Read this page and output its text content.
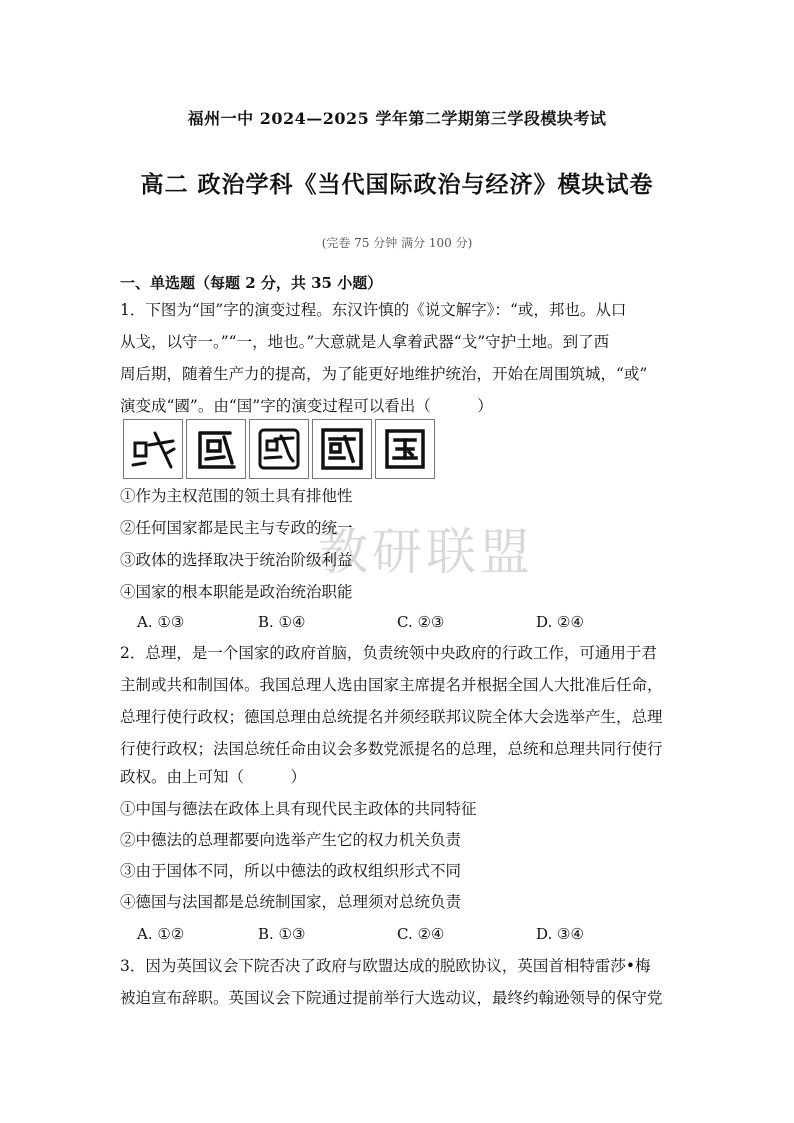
教研联盟
福州一中 2024—2025 学年第二学期第三学段模块考试
高二 政治学科《当代国际政治与经济》模块试卷
(完卷 75 分钟 满分 100 分)
一、单选题（每题 2 分，共 35 小题）
1．下图为“国”字的演变过程。东汉许慎的《说文解字》：“或，邦也。从口
从戈，以守一。”“一，地也。”大意就是人拿着武器“戈”守护土地。到了西
周后期，随着生产力的提高，为了能更好地维护统治，开始在周围筑城，“或”
演变成“國”。由“国”字的演变过程可以看出（　　　）
①作为主权范围的领土具有排他性
②任何国家都是民主与专政的统一
③政体的选择取决于统治阶级利益
④国家的根本职能是政治统治职能
A. ①③	B. ①④	C. ②③	D. ②④
2．总理，是一个国家的政府首脑，负责统领中央政府的行政工作，可通用于君
主制或共和制国体。我国总理人选由国家主席提名并根据全国人大批准后任命，
总理行使行政权；德国总理由总统提名并须经联邦议院全体大会选举产生，总理
行使行政权；法国总统任命由议会多数党派提名的总理，总统和总理共同行使行
政权。由上可知（　　　）
①中国与德法在政体上具有现代民主政体的共同特征
②中德法的总理都要向选举产生它的权力机关负责
③由于国体不同，所以中德法的政权组织形式不同
④德国与法国都是总统制国家，总理须对总统负责
A. ①②	B. ①③	C. ②④	D. ③④
3．因为英国议会下院否决了政府与欧盟达成的脱欧协议，英国首相特雷莎•梅
被迫宣布辞职。英国议会下院通过提前举行大选动议，最终约翰逊领导的保守党
